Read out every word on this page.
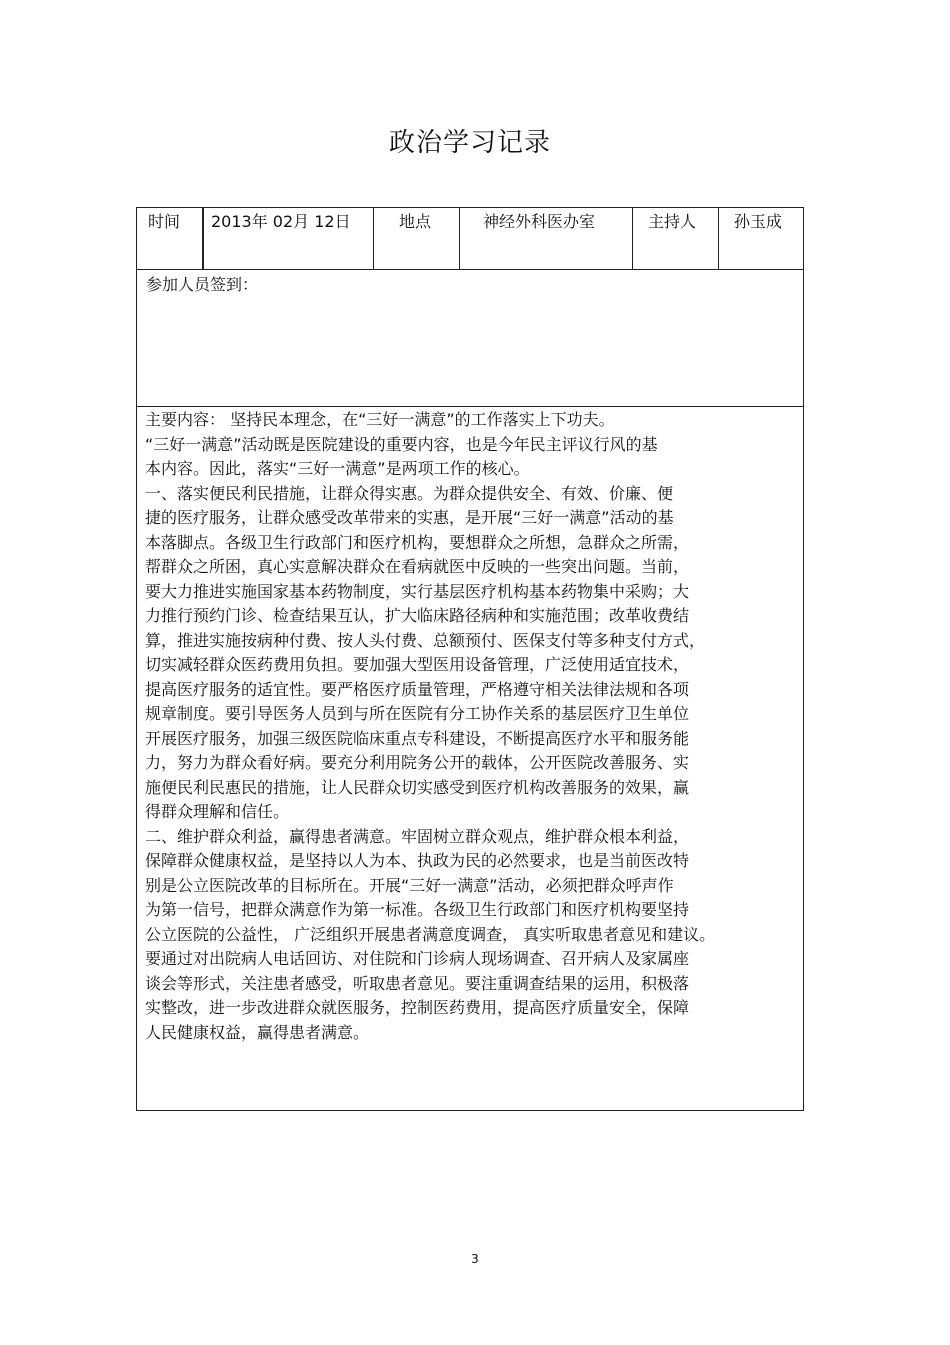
政治学习记录
时间	2013年 02月 12日	地点	神经外科医办室	主持人	孙玉成
参加人员签到：
主要内容： 坚持民本理念，在“三好一满意”的工作落实上下功夫。
“三好一满意”活动既是医院建设的重要内容，也是今年民主评议行风的基
本内容。因此，落实“三好一满意”是两项工作的核心。
一、落实便民利民措施，让群众得实惠。为群众提供安全、有效、价廉、便
捷的医疗服务，让群众感受改革带来的实惠，是开展“三好一满意”活动的基
本落脚点。各级卫生行政部门和医疗机构，要想群众之所想，急群众之所需，
帮群众之所困，真心实意解决群众在看病就医中反映的一些突出问题。当前，
要大力推进实施国家基本药物制度，实行基层医疗机构基本药物集中采购；大
力推行预约门诊、检查结果互认，扩大临床路径病种和实施范围；改革收费结
算，推进实施按病种付费、按人头付费、总额预付、医保支付等多种支付方式，
切实减轻群众医药费用负担。要加强大型医用设备管理，广泛使用适宜技术，
提高医疗服务的适宜性。要严格医疗质量管理，严格遵守相关法律法规和各项
规章制度。要引导医务人员到与所在医院有分工协作关系的基层医疗卫生单位
开展医疗服务，加强三级医院临床重点专科建设，不断提高医疗水平和服务能
力，努力为群众看好病。要充分利用院务公开的载体，公开医院改善服务、实
施便民利民惠民的措施，让人民群众切实感受到医疗机构改善服务的效果，赢
得群众理解和信任。
二、维护群众利益，赢得患者满意。牢固树立群众观点，维护群众根本利益，
保障群众健康权益，是坚持以人为本、执政为民的必然要求，也是当前医改特
别是公立医院改革的目标所在。开展“三好一满意”活动，必须把群众呼声作
为第一信号，把群众满意作为第一标准。各级卫生行政部门和医疗机构要坚持
公立医院的公益性， 广泛组织开展患者满意度调查， 真实听取患者意见和建议。
要通过对出院病人电话回访、对住院和门诊病人现场调查、召开病人及家属座
谈会等形式，关注患者感受，听取患者意见。要注重调查结果的运用，积极落
实整改，进一步改进群众就医服务，控制医药费用，提高医疗质量安全，保障
人民健康权益，赢得患者满意。
3
